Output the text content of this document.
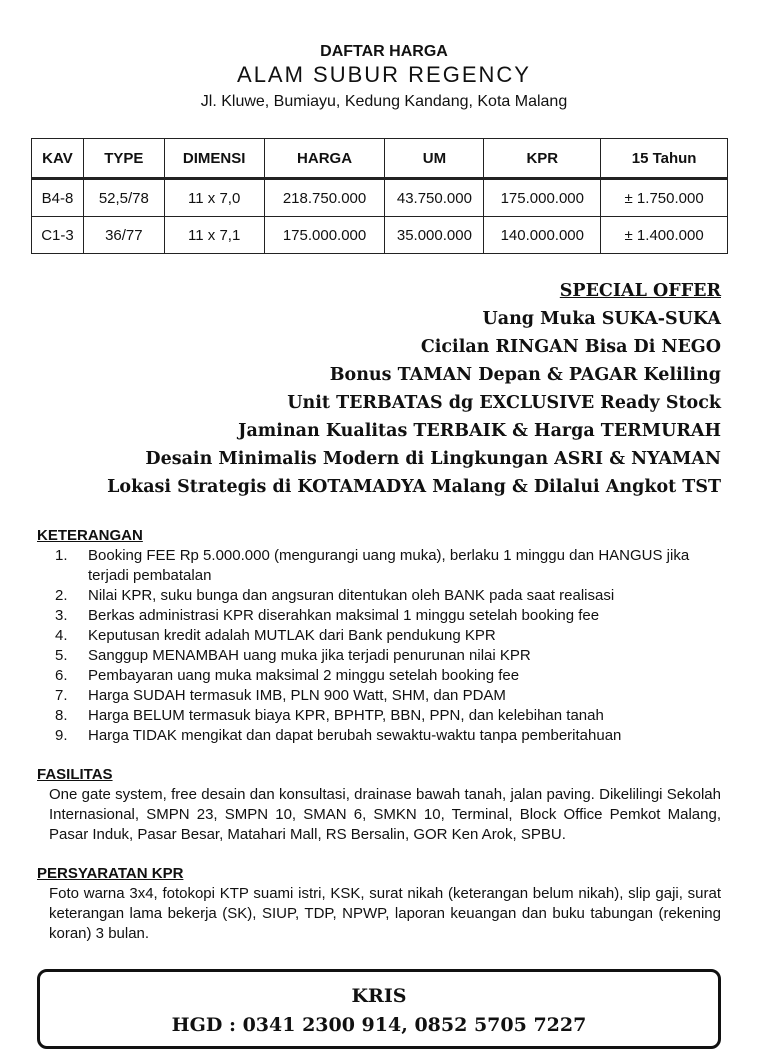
DAFTAR HARGA
ALAM SUBUR REGENCY
Jl. Kluwe, Bumiayu, Kedung Kandang, Kota Malang
KAV	TYPE	DIMENSI	HARGA	UM	KPR	15 Tahun
B4-8	52,5/78	11 x 7,0	218.750.000	43.750.000	175.000.000	± 1.750.000
C1-3	36/77	11 x 7,1	175.000.000	35.000.000	140.000.000	± 1.400.000
SPECIAL OFFER
Uang Muka SUKA-SUKA
Cicilan RINGAN Bisa Di NEGO
Bonus TAMAN Depan & PAGAR Keliling
Unit TERBATAS dg EXCLUSIVE Ready Stock
Jaminan Kualitas TERBAIK & Harga TERMURAH
Desain Minimalis Modern di Lingkungan ASRI & NYAMAN
Lokasi Strategis di KOTAMADYA Malang & Dilalui Angkot TST
KETERANGAN
1.	Booking FEE Rp 5.000.000 (mengurangi uang muka), berlaku 1 minggu dan HANGUS jika terjadi pembatalan
2.	Nilai KPR, suku bunga dan angsuran ditentukan oleh BANK pada saat realisasi
3.	Berkas administrasi KPR diserahkan maksimal 1 minggu setelah booking fee
4.	Keputusan kredit adalah MUTLAK dari Bank pendukung KPR
5.	Sanggup MENAMBAH uang muka jika terjadi penurunan nilai KPR
6.	Pembayaran uang muka maksimal 2 minggu setelah booking fee
7.	Harga SUDAH termasuk IMB, PLN 900 Watt, SHM, dan PDAM
8.	Harga BELUM termasuk biaya KPR, BPHTP, BBN, PPN, dan kelebihan tanah
9.	Harga TIDAK mengikat dan dapat berubah sewaktu-waktu tanpa pemberitahuan
FASILITAS
One gate system, free desain dan konsultasi, drainase bawah tanah, jalan paving. Dikelilingi Sekolah Internasional, SMPN 23, SMPN 10, SMAN 6, SMKN 10, Terminal, Block Office Pemkot Malang, Pasar Induk, Pasar Besar, Matahari Mall, RS Bersalin, GOR Ken Arok, SPBU.
PERSYARATAN KPR
Foto warna 3x4, fotokopi KTP suami istri, KSK, surat nikah (keterangan belum nikah), slip gaji, surat keterangan lama bekerja (SK), SIUP, TDP, NPWP, laporan keuangan dan buku tabungan (rekening koran) 3 bulan.
KRIS
HGD : 0341 2300 914, 0852 5705 7227
